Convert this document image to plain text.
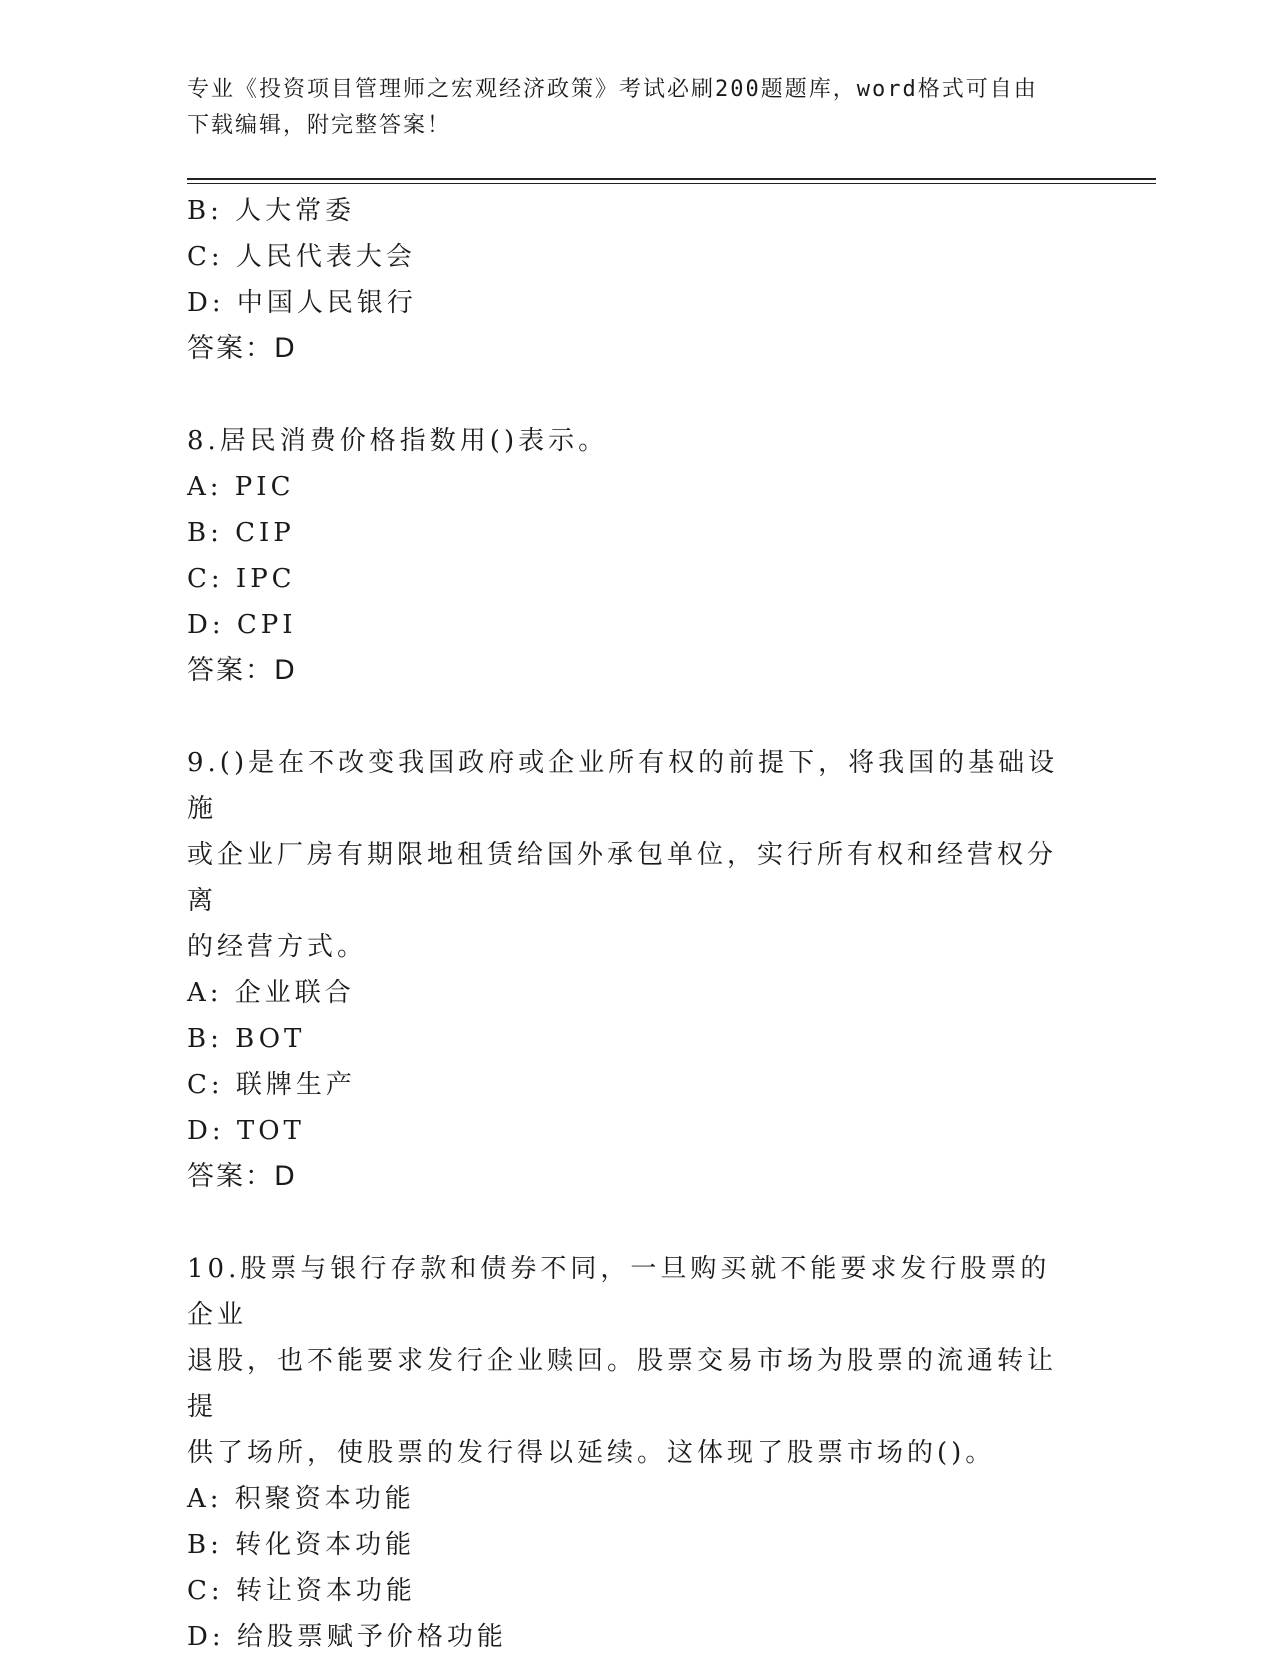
专业《投资项目管理师之宏观经济政策》考试必刷200题题库，word格式可自由
下载编辑，附完整答案！
B: 人大常委
C: 人民代表大会
D: 中国人民银行
答案：D
8.居民消费价格指数用()表示。
A: PIC
B: CIP
C: IPC
D: CPI
答案：D
9.()是在不改变我国政府或企业所有权的前提下，将我国的基础设施
或企业厂房有期限地租赁给国外承包单位，实行所有权和经营权分离
的经营方式。
A: 企业联合
B: BOT
C: 联牌生产
D: TOT
答案：D
10.股票与银行存款和债券不同，一旦购买就不能要求发行股票的企业
退股，也不能要求发行企业赎回。股票交易市场为股票的流通转让提
供了场所，使股票的发行得以延续。这体现了股票市场的()。
A: 积聚资本功能
B: 转化资本功能
C: 转让资本功能
D: 给股票赋予价格功能
